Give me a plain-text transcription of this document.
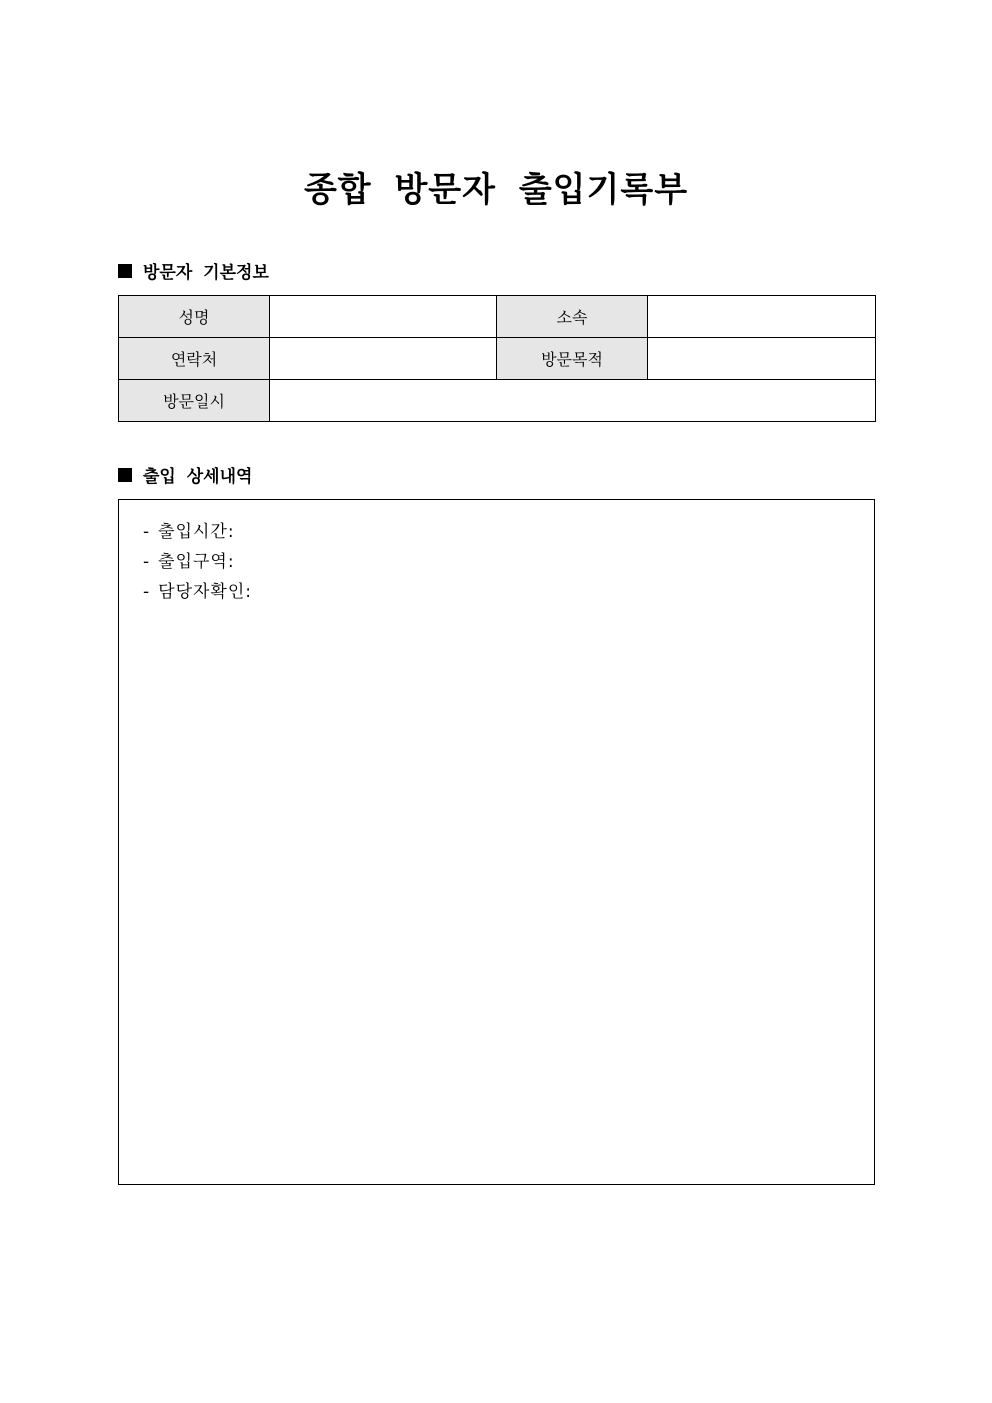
종합 방문자 출입기록부
방문자 기본정보
성명		소속	
연락처		방문목적	
방문일시			
출입 상세내역
- 출입시간:
- 출입구역:
- 담당자확인:
